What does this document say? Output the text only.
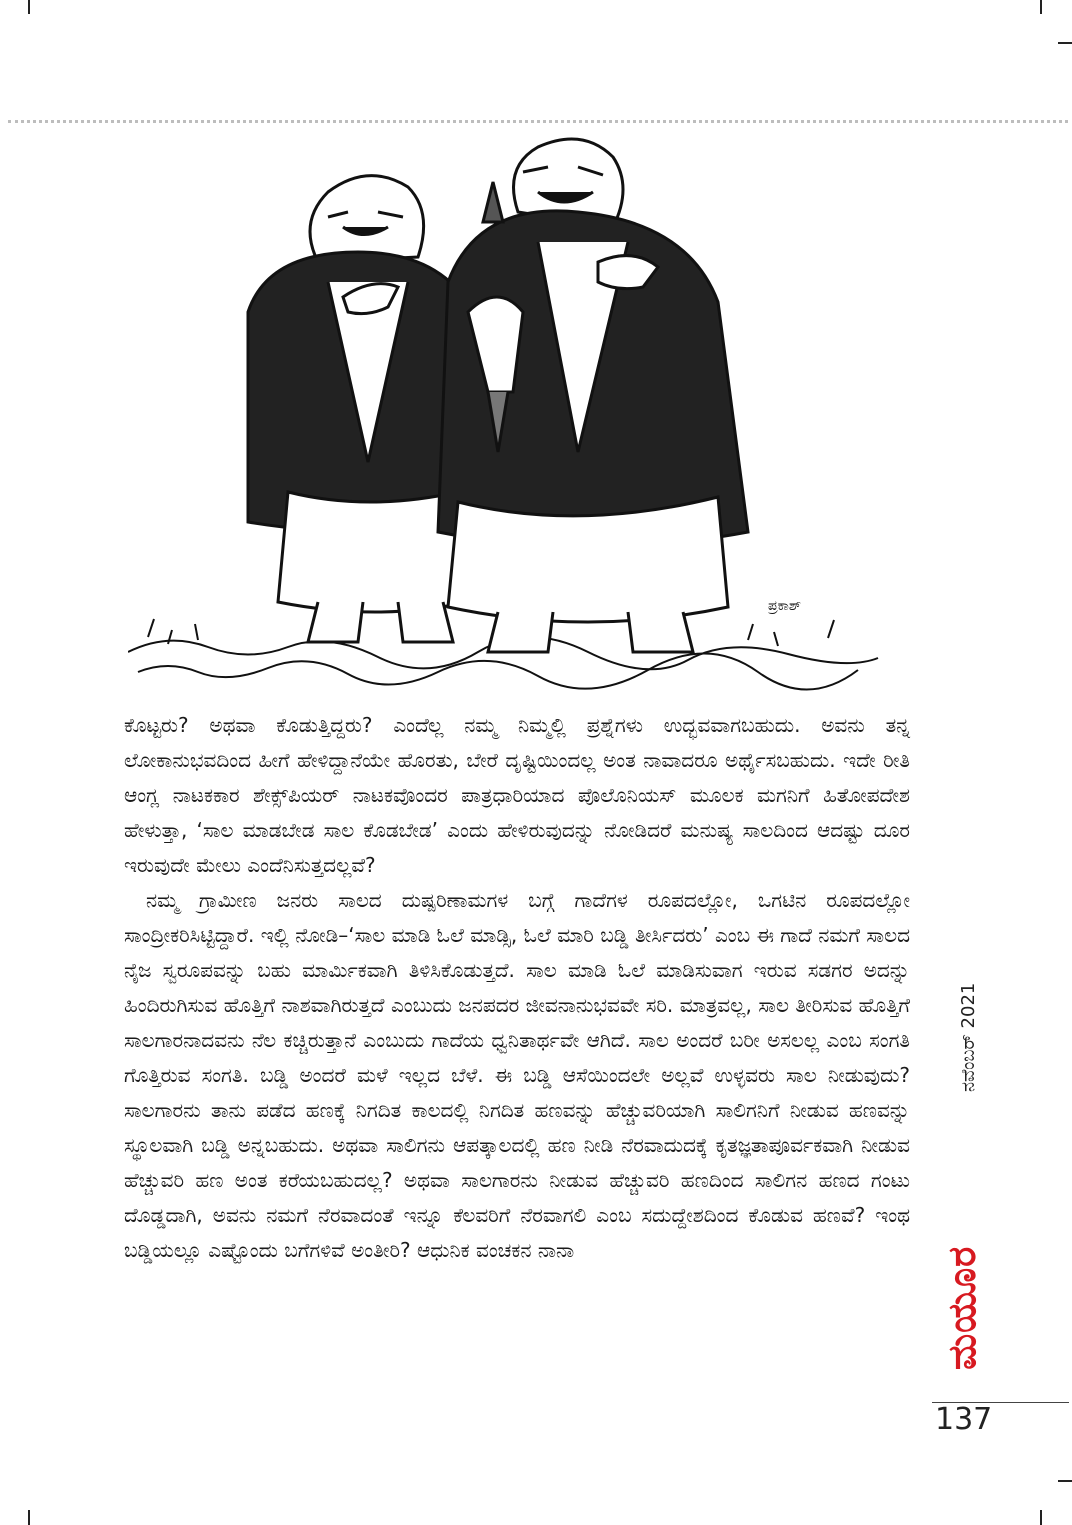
ಪ್ರಕಾಶ್

ಕೊಟ್ಟರು? ಅಥವಾ ಕೊಡುತ್ತಿದ್ದರು? ಎಂದೆಲ್ಲ ನಮ್ಮ ನಿಮ್ಮಲ್ಲಿ ಪ್ರಶ್ನೆಗಳು ಉದ್ಭವವಾಗಬಹುದು. ಅವನು ತನ್ನ ಲೋಕಾನುಭವದಿಂದ ಹೀಗೆ ಹೇಳಿದ್ದಾನೆಯೇ ಹೊರತು, ಬೇರೆ ದೃಷ್ಟಿಯಿಂದಲ್ಲ ಅಂತ ನಾವಾದರೂ ಅರ್ಥೈಸಬಹುದು. ಇದೇ ರೀತಿ ಆಂಗ್ಲ ನಾಟಕಕಾರ ಶೇಕ್ಸ್‌ಪಿಯರ್ ನಾಟಕವೊಂದರ ಪಾತ್ರಧಾರಿಯಾದ ಪೊಲೊನಿಯಸ್ ಮೂಲಕ ಮಗನಿಗೆ ಹಿತೋಪದೇಶ ಹೇಳುತ್ತಾ, ‘ಸಾಲ ಮಾಡಬೇಡ ಸಾಲ ಕೊಡಬೇಡ’ ಎಂದು ಹೇಳಿರುವುದನ್ನು ನೋಡಿದರೆ ಮನುಷ್ಯ ಸಾಲದಿಂದ ಆದಷ್ಟು ದೂರ ಇರುವುದೇ ಮೇಲು ಎಂದೆನಿಸುತ್ತದಲ್ಲವೆ?

ನಮ್ಮ ಗ್ರಾಮೀಣ ಜನರು ಸಾಲದ ದುಷ್ಪರಿಣಾಮಗಳ ಬಗ್ಗೆ ಗಾದೆಗಳ ರೂಪದಲ್ಲೋ, ಒಗಟಿನ ರೂಪದಲ್ಲೋ ಸಾಂದ್ರೀಕರಿಸಿಟ್ಟಿದ್ದಾರೆ. ಇಲ್ಲಿ ನೋಡಿ–‘ಸಾಲ ಮಾಡಿ ಓಲೆ ಮಾಡ್ಸಿ, ಓಲೆ ಮಾರಿ ಬಡ್ಡಿ ತೀರ್ಸಿದರು’ ಎಂಬ ಈ ಗಾದೆ ನಮಗೆ ಸಾಲದ ನೈಜ ಸ್ವರೂಪವನ್ನು ಬಹು ಮಾರ್ಮಿಕವಾಗಿ ತಿಳಿಸಿಕೊಡುತ್ತದೆ. ಸಾಲ ಮಾಡಿ ಓಲೆ ಮಾಡಿಸುವಾಗ ಇರುವ ಸಡಗರ ಅದನ್ನು ಹಿಂದಿರುಗಿಸುವ ಹೊತ್ತಿಗೆ ನಾಶವಾಗಿರುತ್ತದೆ ಎಂಬುದು ಜನಪದರ ಜೀವನಾನುಭವವೇ ಸರಿ. ಮಾತ್ರವಲ್ಲ, ಸಾಲ ತೀರಿಸುವ ಹೊತ್ತಿಗೆ ಸಾಲಗಾರನಾದವನು ನೆಲ ಕಚ್ಚಿರುತ್ತಾನೆ ಎಂಬುದು ಗಾದೆಯ ಧ್ವನಿತಾರ್ಥವೇ ಆಗಿದೆ. ಸಾಲ ಅಂದರೆ ಬರೀ ಅಸಲಲ್ಲ ಎಂಬ ಸಂಗತಿ ಗೊತ್ತಿರುವ ಸಂಗತಿ. ಬಡ್ಡಿ ಅಂದರೆ ಮಳೆ ಇಲ್ಲದ ಬೆಳೆ. ಈ ಬಡ್ಡಿ ಆಸೆಯಿಂದಲೇ ಅಲ್ಲವೆ ಉಳ್ಳವರು ಸಾಲ ನೀಡುವುದು? ಸಾಲಗಾರನು ತಾನು ಪಡೆದ ಹಣಕ್ಕೆ ನಿಗದಿತ ಕಾಲದಲ್ಲಿ ನಿಗದಿತ ಹಣವನ್ನು ಹೆಚ್ಚುವರಿಯಾಗಿ ಸಾಲಿಗನಿಗೆ ನೀಡುವ ಹಣವನ್ನು ಸ್ಥೂಲವಾಗಿ ಬಡ್ಡಿ ಅನ್ನಬಹುದು. ಅಥವಾ ಸಾಲಿಗನು ಆಪತ್ಕಾಲದಲ್ಲಿ ಹಣ ನೀಡಿ ನೆರವಾದುದಕ್ಕೆ ಕೃತಜ್ಞತಾಪೂರ್ವಕವಾಗಿ ನೀಡುವ ಹೆಚ್ಚುವರಿ ಹಣ ಅಂತ ಕರೆಯಬಹುದಲ್ಲ? ಅಥವಾ ಸಾಲಗಾರನು ನೀಡುವ ಹೆಚ್ಚುವರಿ ಹಣದಿಂದ ಸಾಲಿಗನ ಹಣದ ಗಂಟು ದೊಡ್ಡದಾಗಿ, ಅವನು ನಮಗೆ ನೆರವಾದಂತೆ ಇನ್ನೂ ಕೆಲವರಿಗೆ ನೆರವಾಗಲಿ ಎಂಬ ಸದುದ್ದೇಶದಿಂದ ಕೊಡುವ ಹಣವೆ? ಇಂಥ ಬಡ್ಡಿಯಲ್ಲೂ ಎಷ್ಟೊಂದು ಬಗೆಗಳಿವೆ ಅಂತೀರಿ? ಆಧುನಿಕ ವಂಚಕನ ನಾನಾ

ನವೆಂಬರ್ 2021
ಮಯೂರ
137
